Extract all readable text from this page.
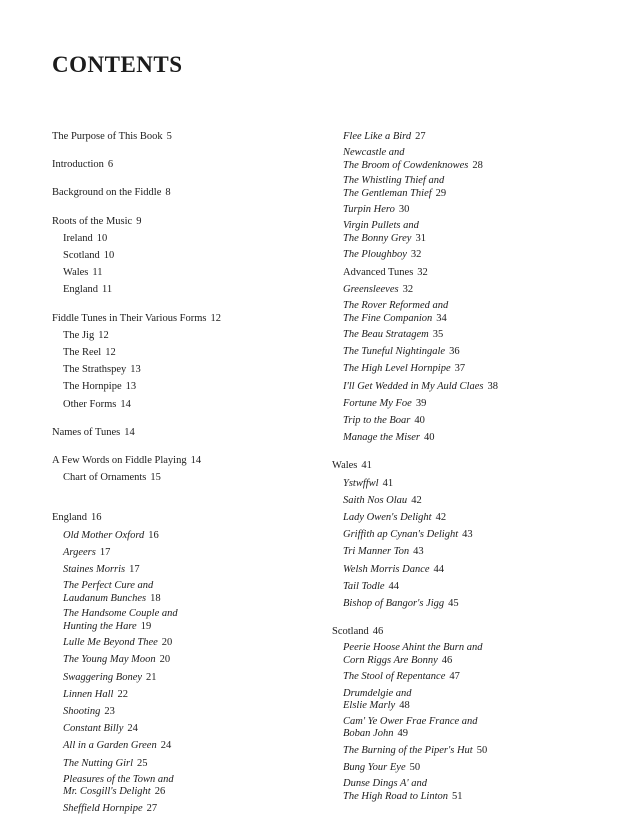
CONTENTS
The Purpose of This Book 5
Introduction 6
Background on the Fiddle 8
Roots of the Music 9
Ireland 10
Scotland 10
Wales 11
England 11
Fiddle Tunes in Their Various Forms 12
The Jig 12
The Reel 12
The Strathspey 13
The Hornpipe 13
Other Forms 14
Names of Tunes 14
A Few Words on Fiddle Playing 14
Chart of Ornaments 15
England 16
Old Mother Oxford 16
Argeers 17
Staines Morris 17
The Perfect Cure and
Laudanum Bunches 18
The Handsome Couple and
Hunting the Hare 19
Lulle Me Beyond Thee 20
The Young May Moon 20
Swaggering Boney 21
Linnen Hall 22
Shooting 23
Constant Billy 24
All in a Garden Green 24
The Nutting Girl 25
Pleasures of the Town and
Mr. Cosgill's Delight 26
Sheffield Hornpipe 27
Flee Like a Bird 27
Newcastle and
The Broom of Cowdenknowes 28
The Whistling Thief and
The Gentleman Thief 29
Turpin Hero 30
Virgin Pullets and
The Bonny Grey 31
The Ploughboy 32
Advanced Tunes 32
Greensleeves 32
The Rover Reformed and
The Fine Companion 34
The Beau Stratagem 35
The Tuneful Nightingale 36
The High Level Hornpipe 37
I'll Get Wedded in My Auld Claes 38
Fortune My Foe 39
Trip to the Boar 40
Manage the Miser 40
Wales 41
Ystwffwl 41
Saith Nos Olau 42
Lady Owen's Delight 42
Griffith ap Cynan's Delight 43
Tri Manner Ton 43
Welsh Morris Dance 44
Tail Todle 44
Bishop of Bangor's Jigg 45
Scotland 46
Peerie Hoose Ahint the Burn and
Corn Riggs Are Bonny 46
The Stool of Repentance 47
Drumdelgie and
Elslie Marly 48
Cam' Ye Ower Frae France and
Boban John 49
The Burning of the Piper's Hut 50
Bung Your Eye 50
Dunse Dings A' and
The High Road to Linton 51
